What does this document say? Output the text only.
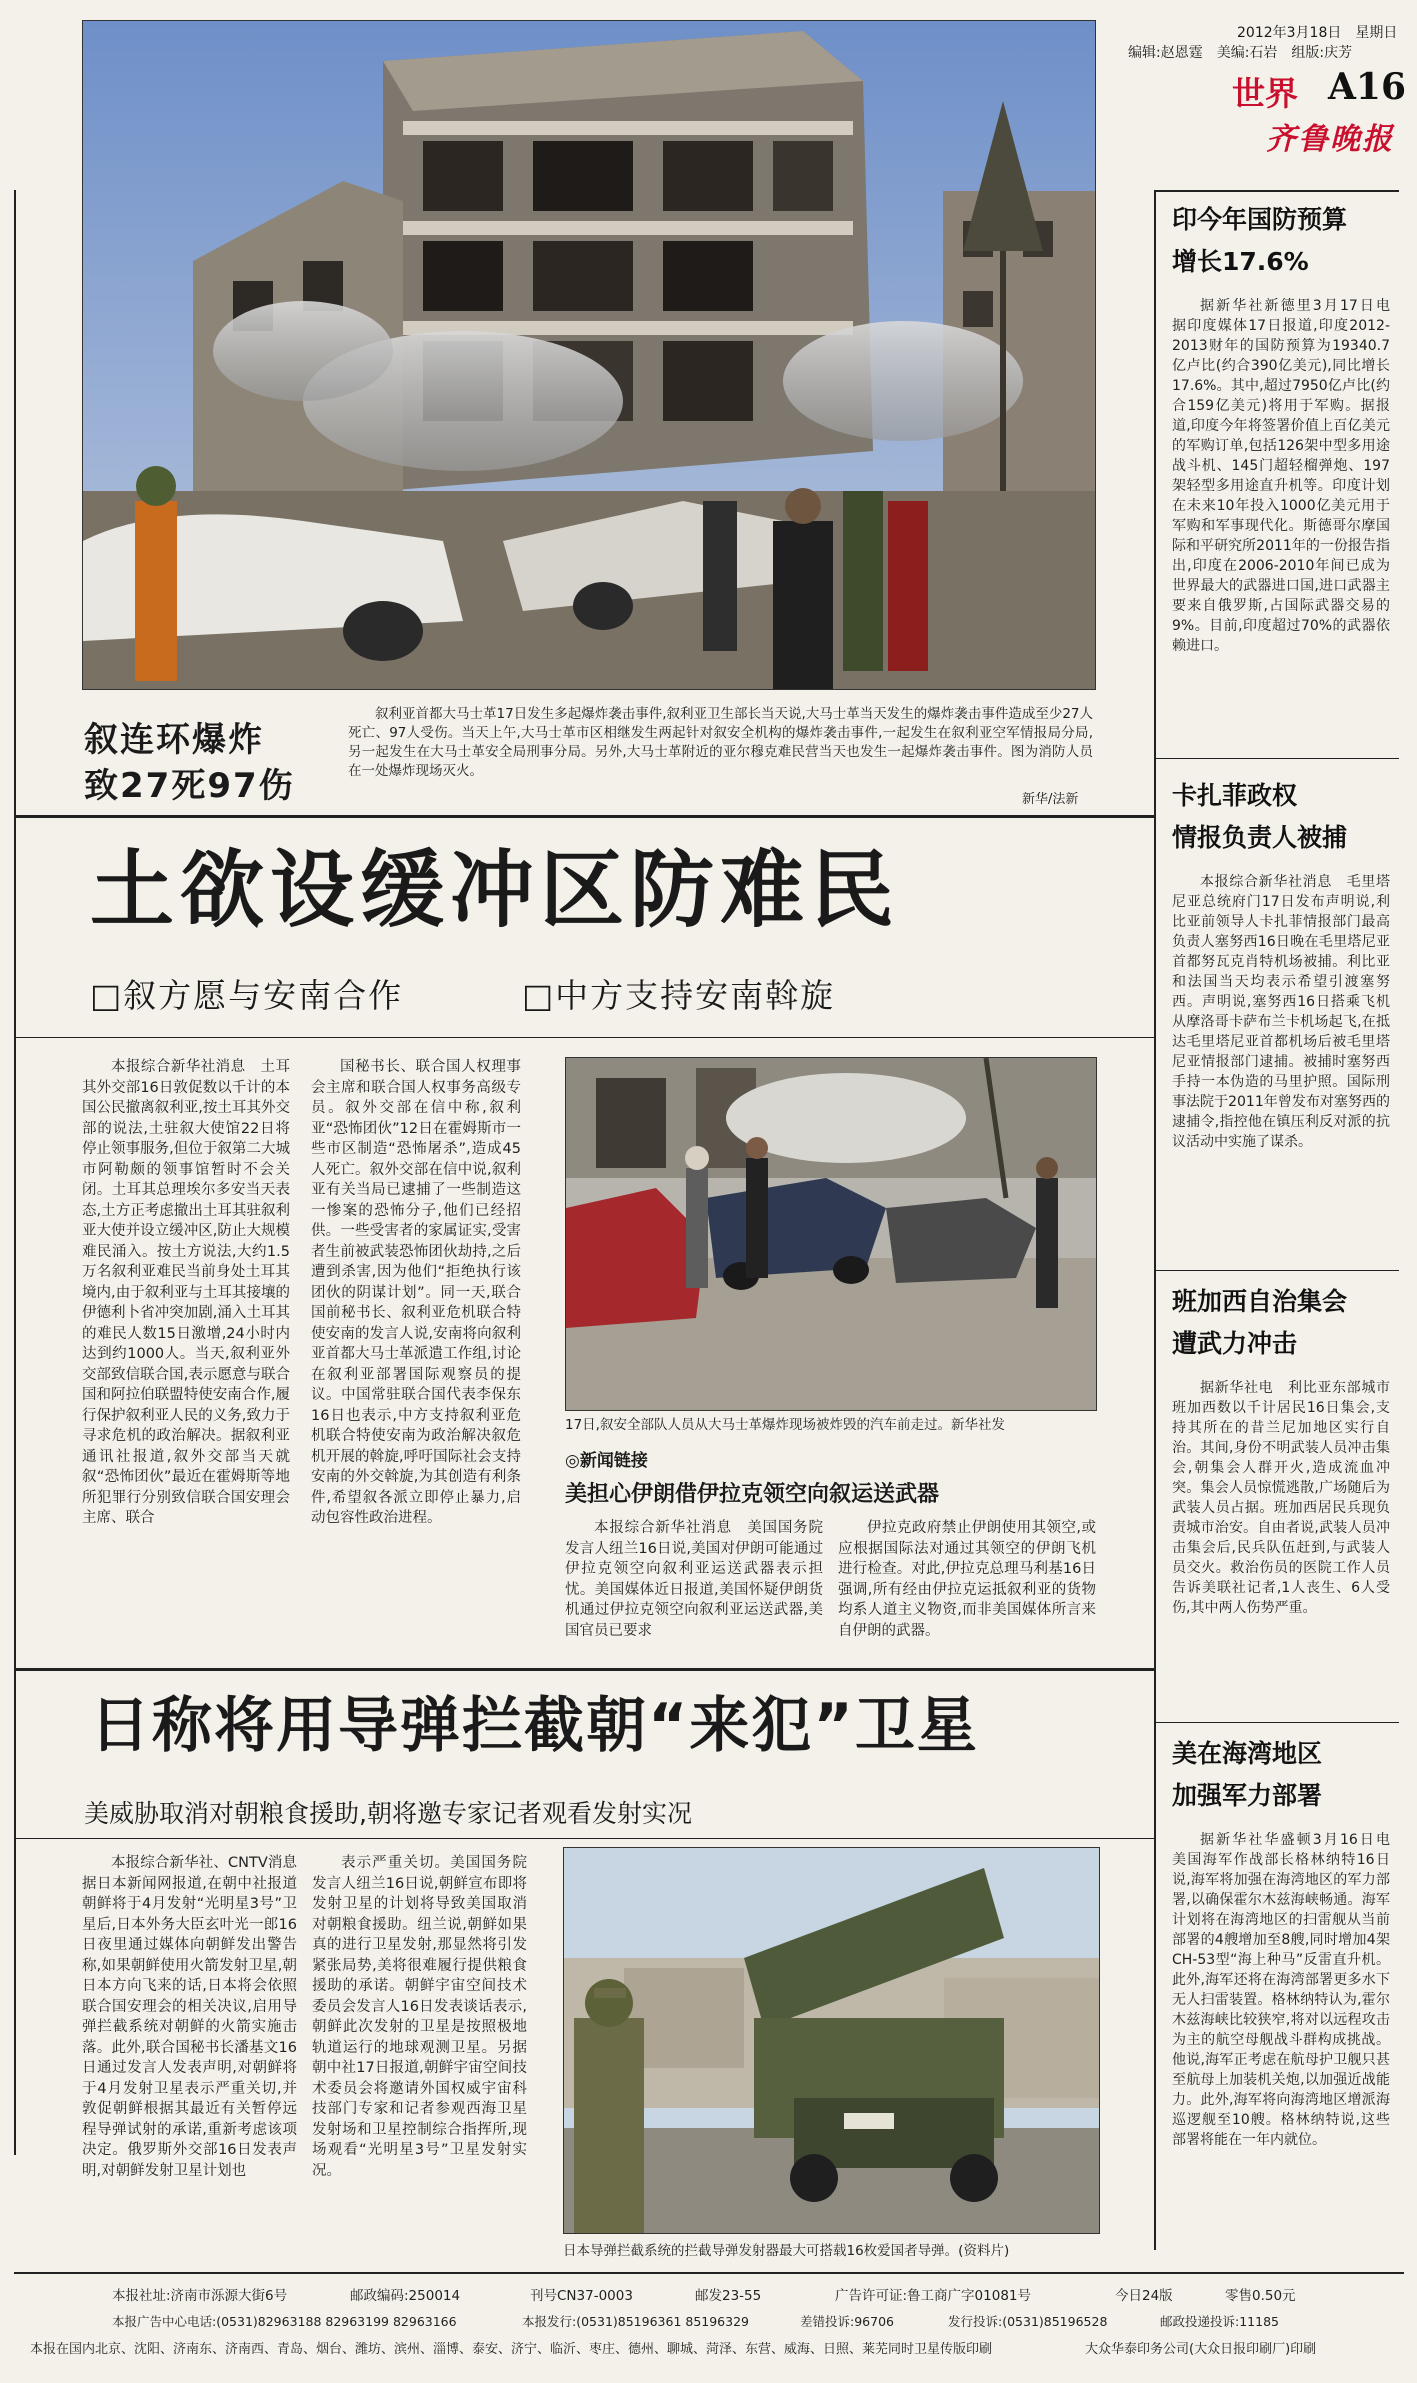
2012年3月18日　星期日
编辑:赵恩霆　美编:石岩　组版:庆芳
世界 A16
齐鲁晚报
叙连环爆炸
致27死97伤
叙利亚首都大马士革17日发生多起爆炸袭击事件,叙利亚卫生部长当天说,大马士革当天发生的爆炸袭击事件造成至少27人死亡、97人受伤。当天上午,大马士革市区相继发生两起针对叙安全机构的爆炸袭击事件,一起发生在叙利亚空军情报局分局,另一起发生在大马士革安全局刑事分局。另外,大马士革附近的亚尔穆克难民营当天也发生一起爆炸袭击事件。图为消防人员在一处爆炸现场灭火。
新华/法新
土欲设缓冲区防难民
□叙方愿与安南合作	□中方支持安南斡旋
本报综合新华社消息　土耳其外交部16日敦促数以千计的本国公民撤离叙利亚,按土耳其外交部的说法,土驻叙大使馆22日将停止领事服务,但位于叙第二大城市阿勒颇的领事馆暂时不会关闭。土耳其总理埃尔多安当天表态,土方正考虑撤出土耳其驻叙利亚大使并设立缓冲区,防止大规模难民涌入。按土方说法,大约1.5万名叙利亚难民当前身处土耳其境内,由于叙利亚与土耳其接壤的伊德利卜省冲突加剧,涌入土耳其的难民人数15日激增,24小时内达到约1000人。当天,叙利亚外交部致信联合国,表示愿意与联合国和阿拉伯联盟特使安南合作,履行保护叙利亚人民的义务,致力于寻求危机的政治解决。据叙利亚通讯社报道,叙外交部当天就叙“恐怖团伙”最近在霍姆斯等地所犯罪行分别致信联合国安理会主席、联合
国秘书长、联合国人权理事会主席和联合国人权事务高级专员。叙外交部在信中称,叙利亚“恐怖团伙”12日在霍姆斯市一些市区制造“恐怖屠杀”,造成45人死亡。叙外交部在信中说,叙利亚有关当局已逮捕了一些制造这一惨案的恐怖分子,他们已经招供。一些受害者的家属证实,受害者生前被武装恐怖团伙劫持,之后遭到杀害,因为他们“拒绝执行该团伙的阴谋计划”。同一天,联合国前秘书长、叙利亚危机联合特使安南的发言人说,安南将向叙利亚首都大马士革派遣工作组,讨论在叙利亚部署国际观察员的提议。中国常驻联合国代表李保东16日也表示,中方支持叙利亚危机联合特使安南为政治解决叙危机开展的斡旋,呼吁国际社会支持安南的外交斡旋,为其创造有利条件,希望叙各派立即停止暴力,启动包容性政治进程。
17日,叙安全部队人员从大马士革爆炸现场被炸毁的汽车前走过。新华社发
◎新闻链接
美担心伊朗借伊拉克领空向叙运送武器
本报综合新华社消息　美国国务院发言人纽兰16日说,美国对伊朗可能通过伊拉克领空向叙利亚运送武器表示担忧。美国媒体近日报道,美国怀疑伊朗货机通过伊拉克领空向叙利亚运送武器,美国官员已要求
伊拉克政府禁止伊朗使用其领空,或应根据国际法对通过其领空的伊朗飞机进行检查。对此,伊拉克总理马利基16日强调,所有经由伊拉克运抵叙利亚的货物均系人道主义物资,而非美国媒体所言来自伊朗的武器。
日称将用导弹拦截朝“来犯”卫星
美威胁取消对朝粮食援助,朝将邀专家记者观看发射实况
本报综合新华社、CNTV消息　据日本新闻网报道,在朝中社报道朝鲜将于4月发射“光明星3号”卫星后,日本外务大臣玄叶光一郎16日夜里通过媒体向朝鲜发出警告称,如果朝鲜使用火箭发射卫星,朝日本方向飞来的话,日本将会依照联合国安理会的相关决议,启用导弹拦截系统对朝鲜的火箭实施击落。此外,联合国秘书长潘基文16日通过发言人发表声明,对朝鲜将于4月发射卫星表示严重关切,并敦促朝鲜根据其最近有关暂停远程导弹试射的承诺,重新考虑该项决定。俄罗斯外交部16日发表声明,对朝鲜发射卫星计划也
表示严重关切。美国国务院发言人纽兰16日说,朝鲜宣布即将发射卫星的计划将导致美国取消对朝粮食援助。纽兰说,朝鲜如果真的进行卫星发射,那显然将引发紧张局势,美将很难履行提供粮食援助的承诺。朝鲜宇宙空间技术委员会发言人16日发表谈话表示,朝鲜此次发射的卫星是按照极地轨道运行的地球观测卫星。另据朝中社17日报道,朝鲜宇宙空间技术委员会将邀请外国权威宇宙科技部门专家和记者参观西海卫星发射场和卫星控制综合指挥所,现场观看“光明星3号”卫星发射实况。
日本导弹拦截系统的拦截导弹发射器最大可搭载16枚爱国者导弹。(资料片)
印今年国防预算
增长17.6%
据新华社新德里3月17日电　据印度媒体17日报道,印度2012-2013财年的国防预算为19340.7亿卢比(约合390亿美元),同比增长17.6%。其中,超过7950亿卢比(约合159亿美元)将用于军购。据报道,印度今年将签署价值上百亿美元的军购订单,包括126架中型多用途战斗机、145门超轻榴弹炮、197架轻型多用途直升机等。印度计划在未来10年投入1000亿美元用于军购和军事现代化。斯德哥尔摩国际和平研究所2011年的一份报告指出,印度在2006-2010年间已成为世界最大的武器进口国,进口武器主要来自俄罗斯,占国际武器交易的9%。目前,印度超过70%的武器依赖进口。
卡扎菲政权
情报负责人被捕
本报综合新华社消息　毛里塔尼亚总统府门17日发布声明说,利比亚前领导人卡扎菲情报部门最高负责人塞努西16日晚在毛里塔尼亚首都努瓦克肖特机场被捕。利比亚和法国当天均表示希望引渡塞努西。声明说,塞努西16日搭乘飞机从摩洛哥卡萨布兰卡机场起飞,在抵达毛里塔尼亚首都机场后被毛里塔尼亚情报部门逮捕。被捕时塞努西手持一本伪造的马里护照。国际刑事法院于2011年曾发布对塞努西的逮捕令,指控他在镇压利反对派的抗议活动中实施了谋杀。
班加西自治集会
遭武力冲击
据新华社电　利比亚东部城市班加西数以千计居民16日集会,支持其所在的昔兰尼加地区实行自治。其间,身份不明武装人员冲击集会,朝集会人群开火,造成流血冲突。集会人员惊慌逃散,广场随后为武装人员占据。班加西居民兵现负责城市治安。自由者说,武装人员冲击集会后,民兵队伍赶到,与武装人员交火。救治伤员的医院工作人员告诉美联社记者,1人丧生、6人受伤,其中两人伤势严重。
美在海湾地区
加强军力部署
据新华社华盛顿3月16日电　美国海军作战部长格林纳特16日说,海军将加强在海湾地区的军力部署,以确保霍尔木兹海峡畅通。海军计划将在海湾地区的扫雷舰从当前部署的4艘增加至8艘,同时增加4架CH-53型“海上种马”反雷直升机。此外,海军还将在海湾部署更多水下无人扫雷装置。格林纳特认为,霍尔木兹海峡比较狭窄,将对以远程攻击为主的航空母舰战斗群构成挑战。他说,海军正考虑在航母护卫舰只甚至航母上加装机关炮,以加强近战能力。此外,海军将向海湾地区增派海巡逻舰至10艘。格林纳特说,这些部署将能在一年内就位。
本报社址:济南市泺源大街6号	邮政编码:250014	刊号CN37-0003	邮发23-55	广告许可证:鲁工商广字01081号	今日24版	零售0.50元
本报广告中心电话:(0531)82963188 82963199 82963166	本报发行:(0531)85196361 85196329	差错投诉:96706	发行投诉:(0531)85196528	邮政投递投诉:11185
本报在国内北京、沈阳、济南东、济南西、青岛、烟台、潍坊、滨州、淄博、泰安、济宁、临沂、枣庄、德州、聊城、菏泽、东营、威海、日照、莱芜同时卫星传版印刷	大众华泰印务公司(大众日报印刷厂)印刷
